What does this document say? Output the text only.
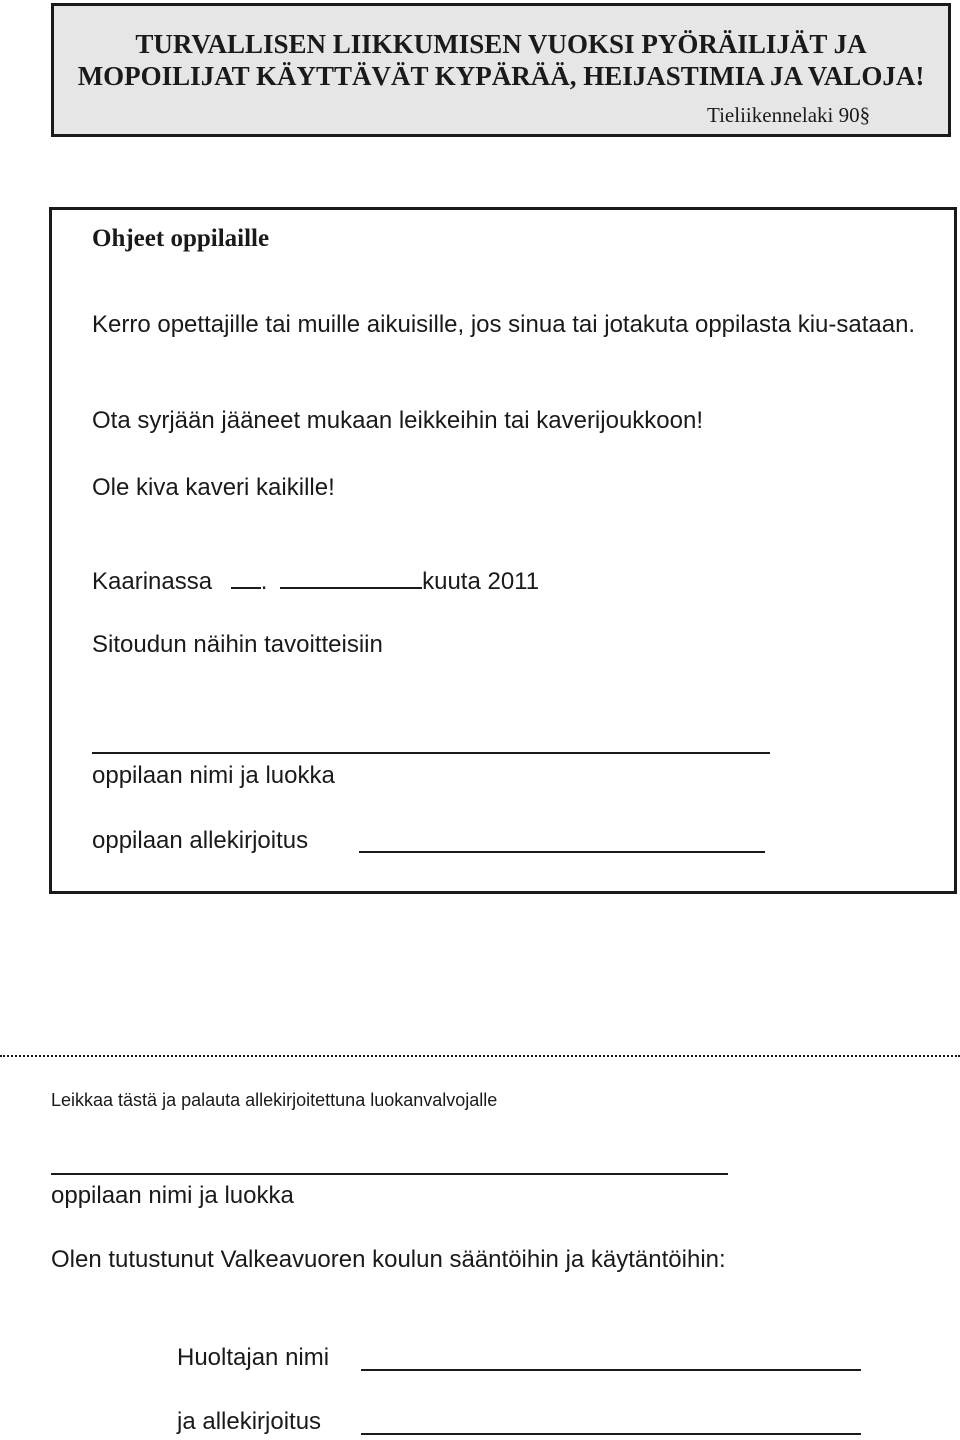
TURVALLISEN LIIKKUMISEN VUOKSI PYÖRÄILIJÄT JA MOPOILIJAT KÄYTTÄVÄT KYPÄRÄÄ, HEIJASTIMIA JA VALOJA!
Tieliikennelaki 90§
Ohjeet oppilaille
Kerro opettajille tai muille aikuisille, jos sinua tai jotakuta oppilasta kiu-sataan.
Ota syrjään jääneet mukaan leikkeihin tai kaverijoukkoon!
Ole kiva kaveri kaikille!
Kaarinassa .	kuuta 2011
Sitoudun näihin tavoitteisiin
oppilaan nimi ja luokka
oppilaan allekirjoitus
Leikkaa tästä ja palauta allekirjoitettuna luokanvalvojalle
oppilaan nimi ja luokka
Olen tutustunut Valkeavuoren koulun sääntöihin ja käytäntöihin:
Huoltajan nimi
ja allekirjoitus
